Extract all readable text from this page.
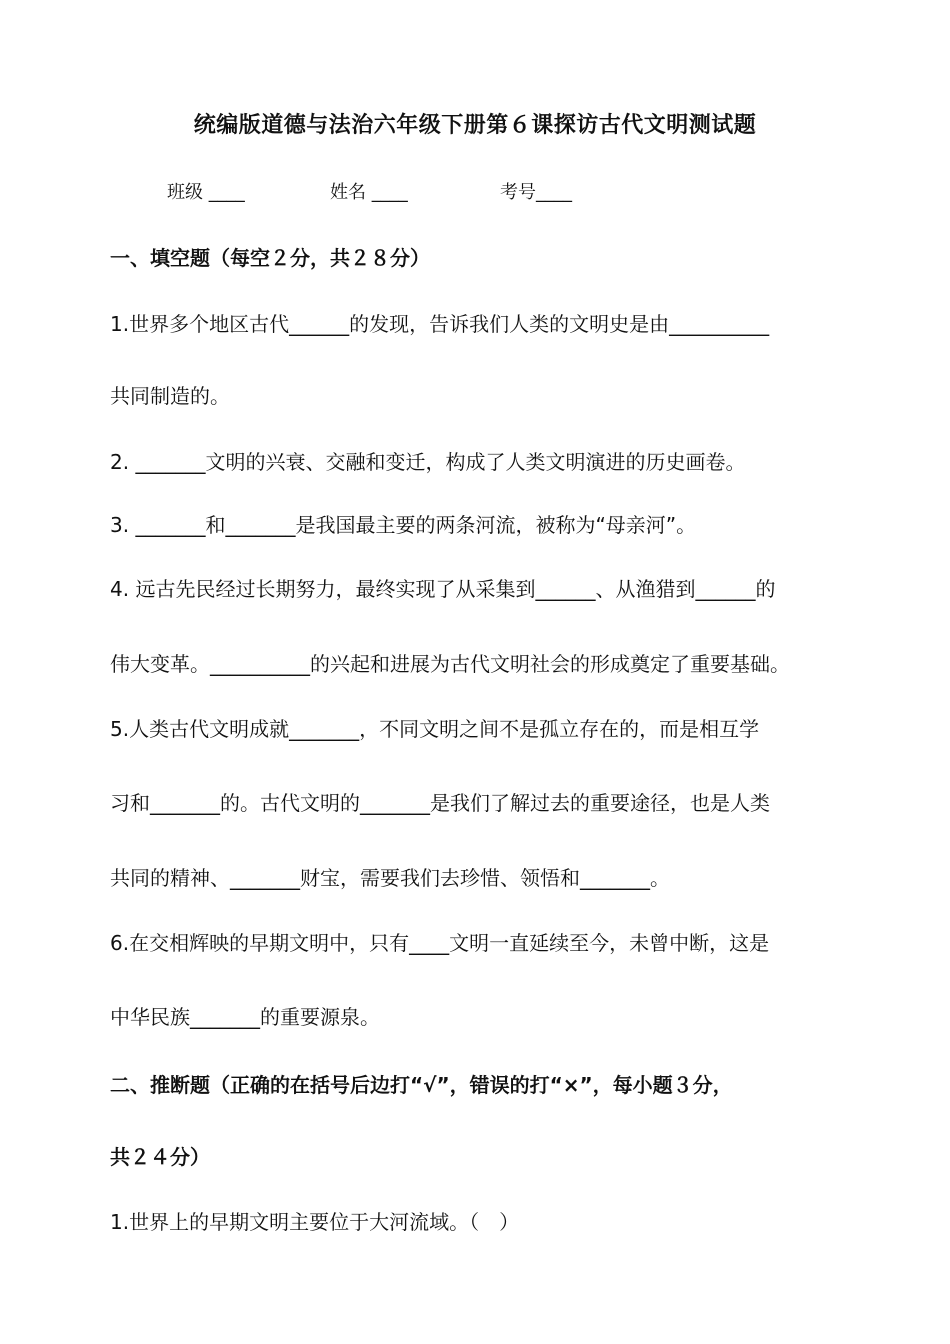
统编版道德与法治六年级下册第６课探访古代文明测试题
班级 ____	姓名 ____	考号____
一、填空题（每空２分，共２８分）
1.世界多个地区古代______的发现，告诉我们人类的文明史是由__________
共同制造的。
2. _______文明的兴衰、交融和变迁，构成了人类文明演进的历史画卷。
3. _______和_______是我国最主要的两条河流，被称为“母亲河”。
4. 远古先民经过长期努力，最终实现了从采集到______、从渔猎到______的
伟大变革。__________的兴起和进展为古代文明社会的形成奠定了重要基础。
5.人类古代文明成就_______，不同文明之间不是孤立存在的，而是相互学
习和_______的。古代文明的_______是我们了解过去的重要途径，也是人类
共同的精神、_______财宝，需要我们去珍惜、领悟和_______。
6.在交相辉映的早期文明中，只有____文明一直延续至今，未曾中断，这是
中华民族_______的重要源泉。
二、推断题（正确的在括号后边打“√”，错误的打“×”，每小题３分，
共２４分）
1.世界上的早期文明主要位于大河流域。（　）
